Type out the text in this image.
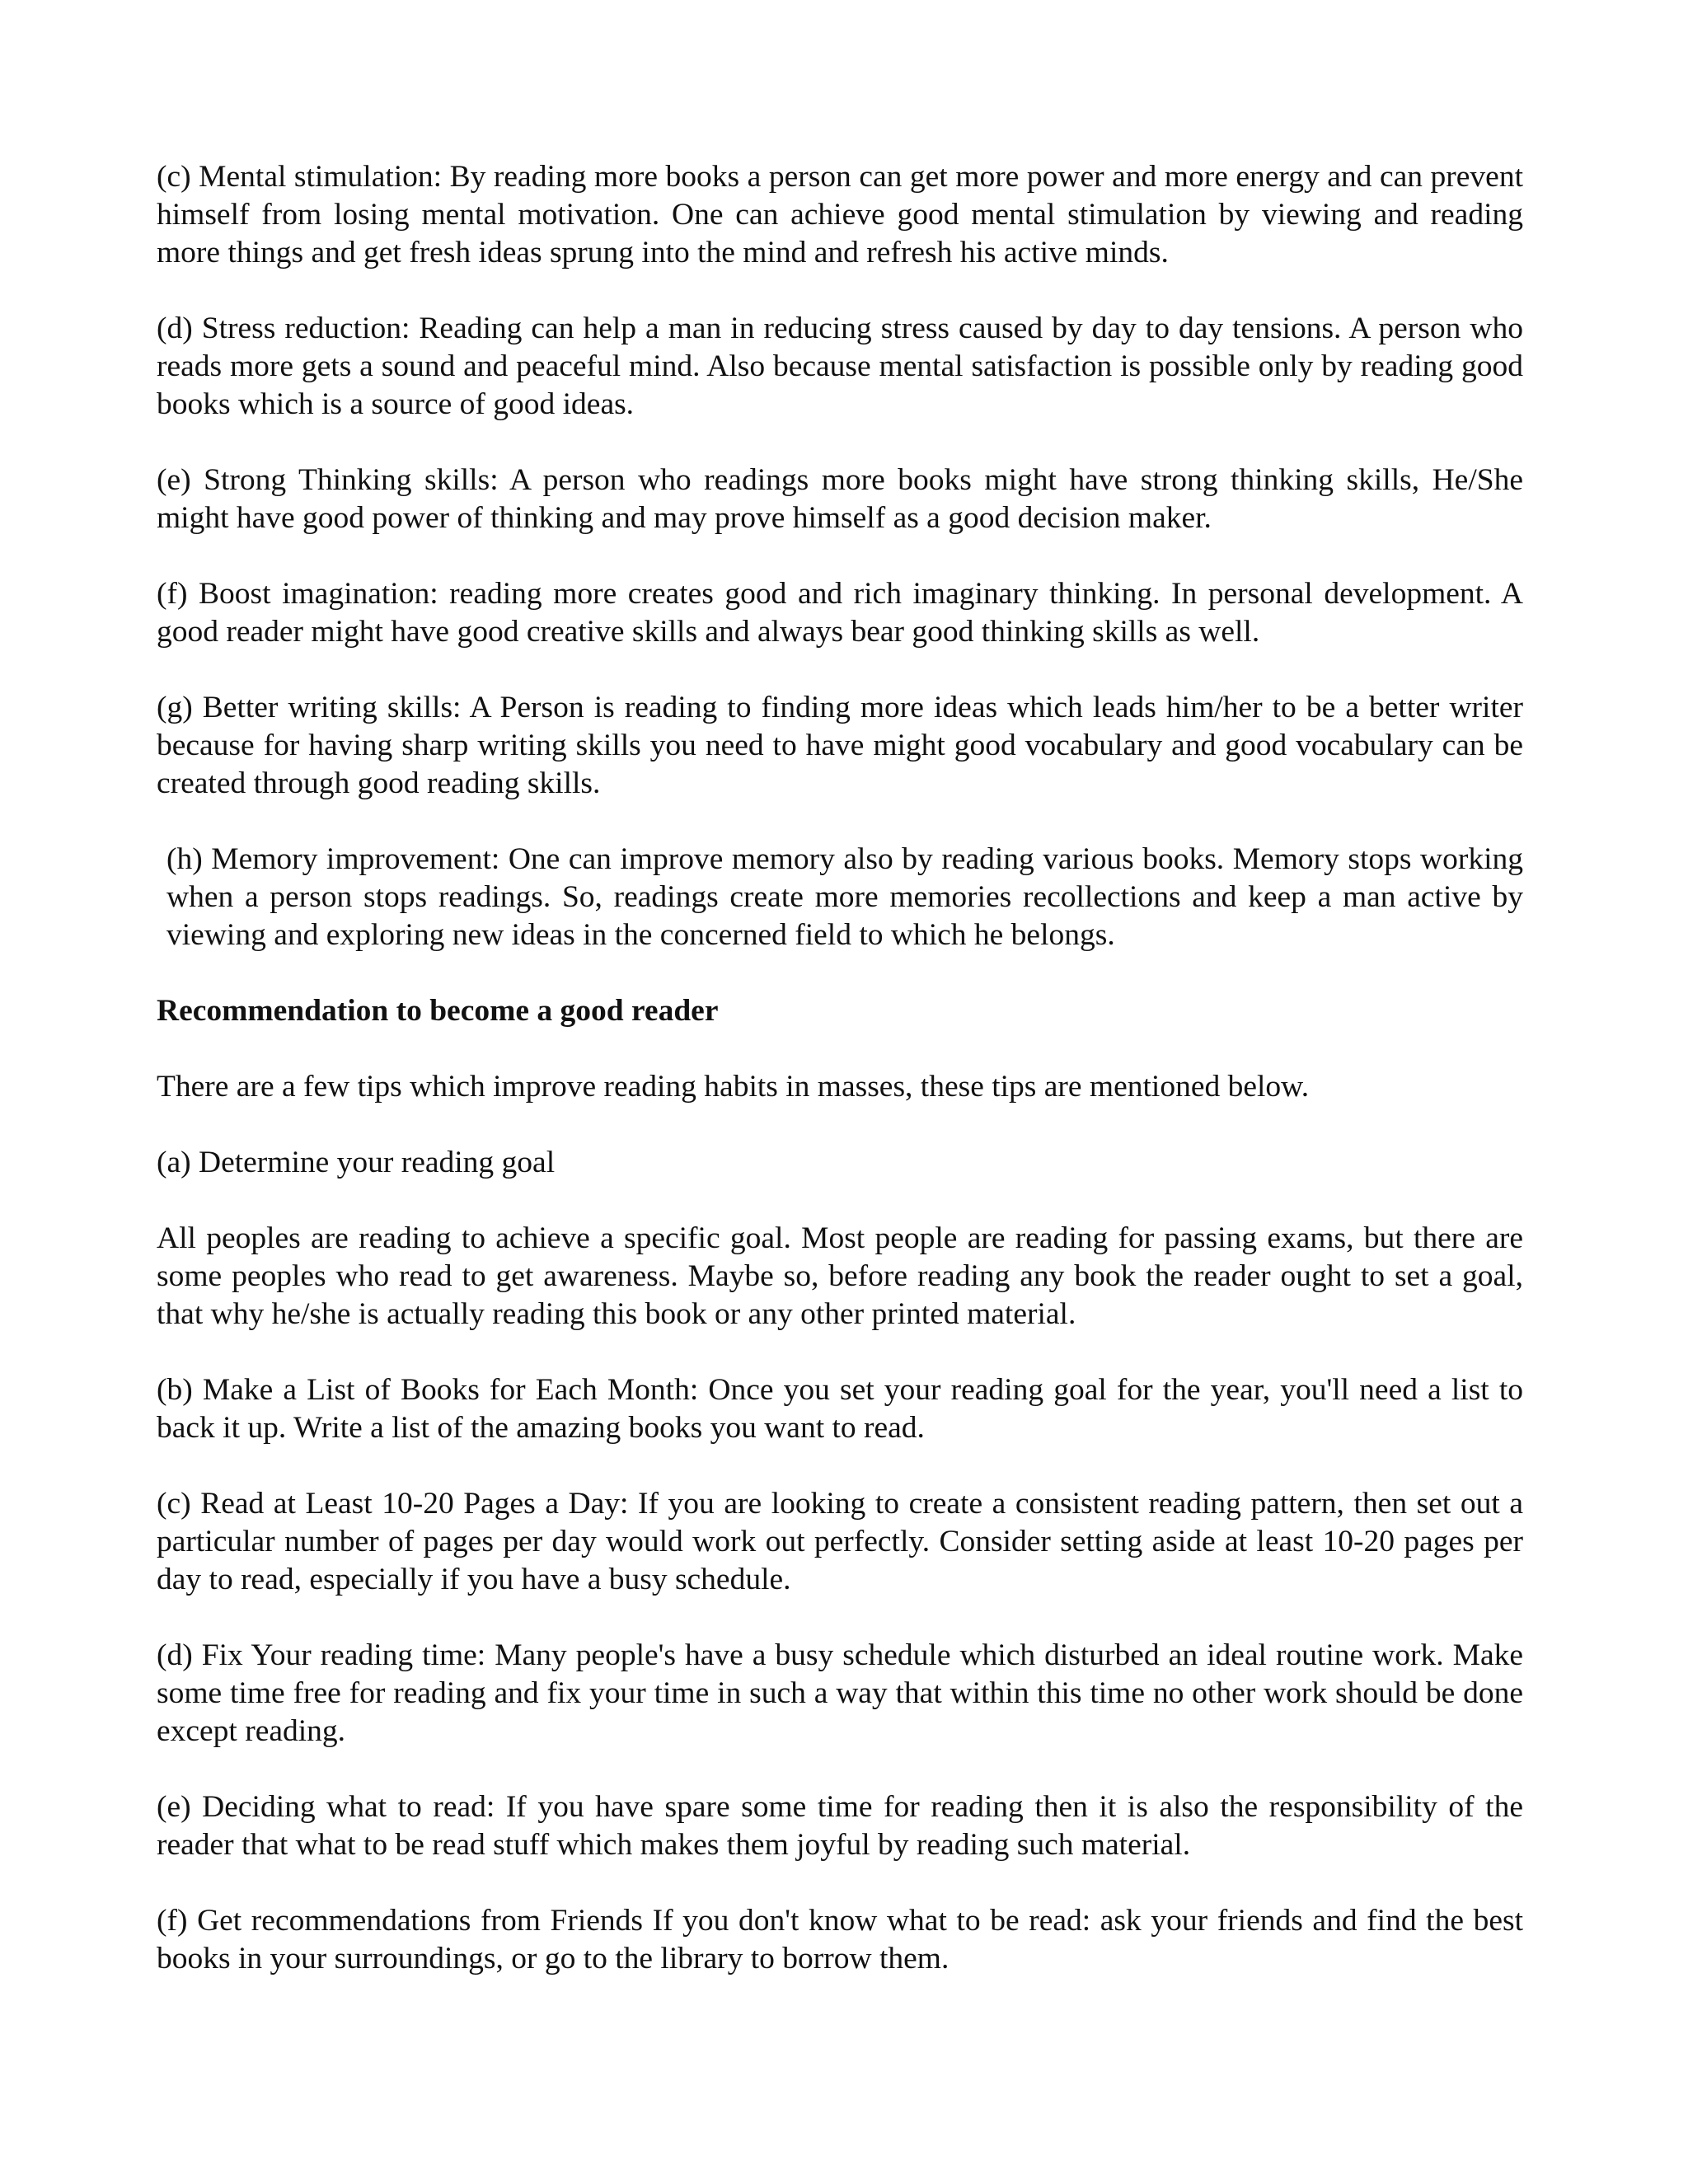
(c) Mental stimulation: By reading more books a person can get more power and more energy and can prevent himself from losing mental motivation. One can achieve good mental stimulation by viewing and reading more things and get fresh ideas sprung into the mind and refresh his active minds.

(d) Stress reduction: Reading can help a man in reducing stress caused by day to day tensions. A person who reads more gets a sound and peaceful mind. Also because mental satisfaction is possible only by reading good books which is a source of good ideas.

(e) Strong Thinking skills: A person who readings more books might have strong thinking skills, He/She might have good power of thinking and may prove himself as a good decision maker.

(f) Boost imagination: reading more creates good and rich imaginary thinking. In personal development. A good reader might have good creative skills and always bear good thinking skills as well.

(g) Better writing skills: A Person is reading to finding more ideas which leads him/her to be a better writer because for having sharp writing skills you need to have might good vocabulary and good vocabulary can be created through good reading skills.

(h) Memory improvement: One can improve memory also by reading various books. Memory stops working when a person stops readings. So, readings create more memories recollections and keep a man active by viewing and exploring new ideas in the concerned field to which he belongs.

Recommendation to become a good reader

There are a few tips which improve reading habits in masses, these tips are mentioned below.

(a) Determine your reading goal

All peoples are reading to achieve a specific goal. Most people are reading for passing exams, but there are some peoples who read to get awareness. Maybe so, before reading any book the reader ought to set a goal, that why he/she is actually reading this book or any other printed material.

(b) Make a List of Books for Each Month: Once you set your reading goal for the year, you'll need a list to back it up. Write a list of the amazing books you want to read.

(c) Read at Least 10-20 Pages a Day: If you are looking to create a consistent reading pattern, then set out a particular number of pages per day would work out perfectly. Consider setting aside at least 10-20 pages per day to read, especially if you have a busy schedule.

(d) Fix Your reading time: Many people's have a busy schedule which disturbed an ideal routine work. Make some time free for reading and fix your time in such a way that within this time no other work should be done except reading.

(e) Deciding what to read: If you have spare some time for reading then it is also the responsibility of the reader that what to be read stuff which makes them joyful by reading such material.

(f) Get recommendations from Friends If you don't know what to be read: ask your friends and find the best books in your surroundings, or go to the library to borrow them.
